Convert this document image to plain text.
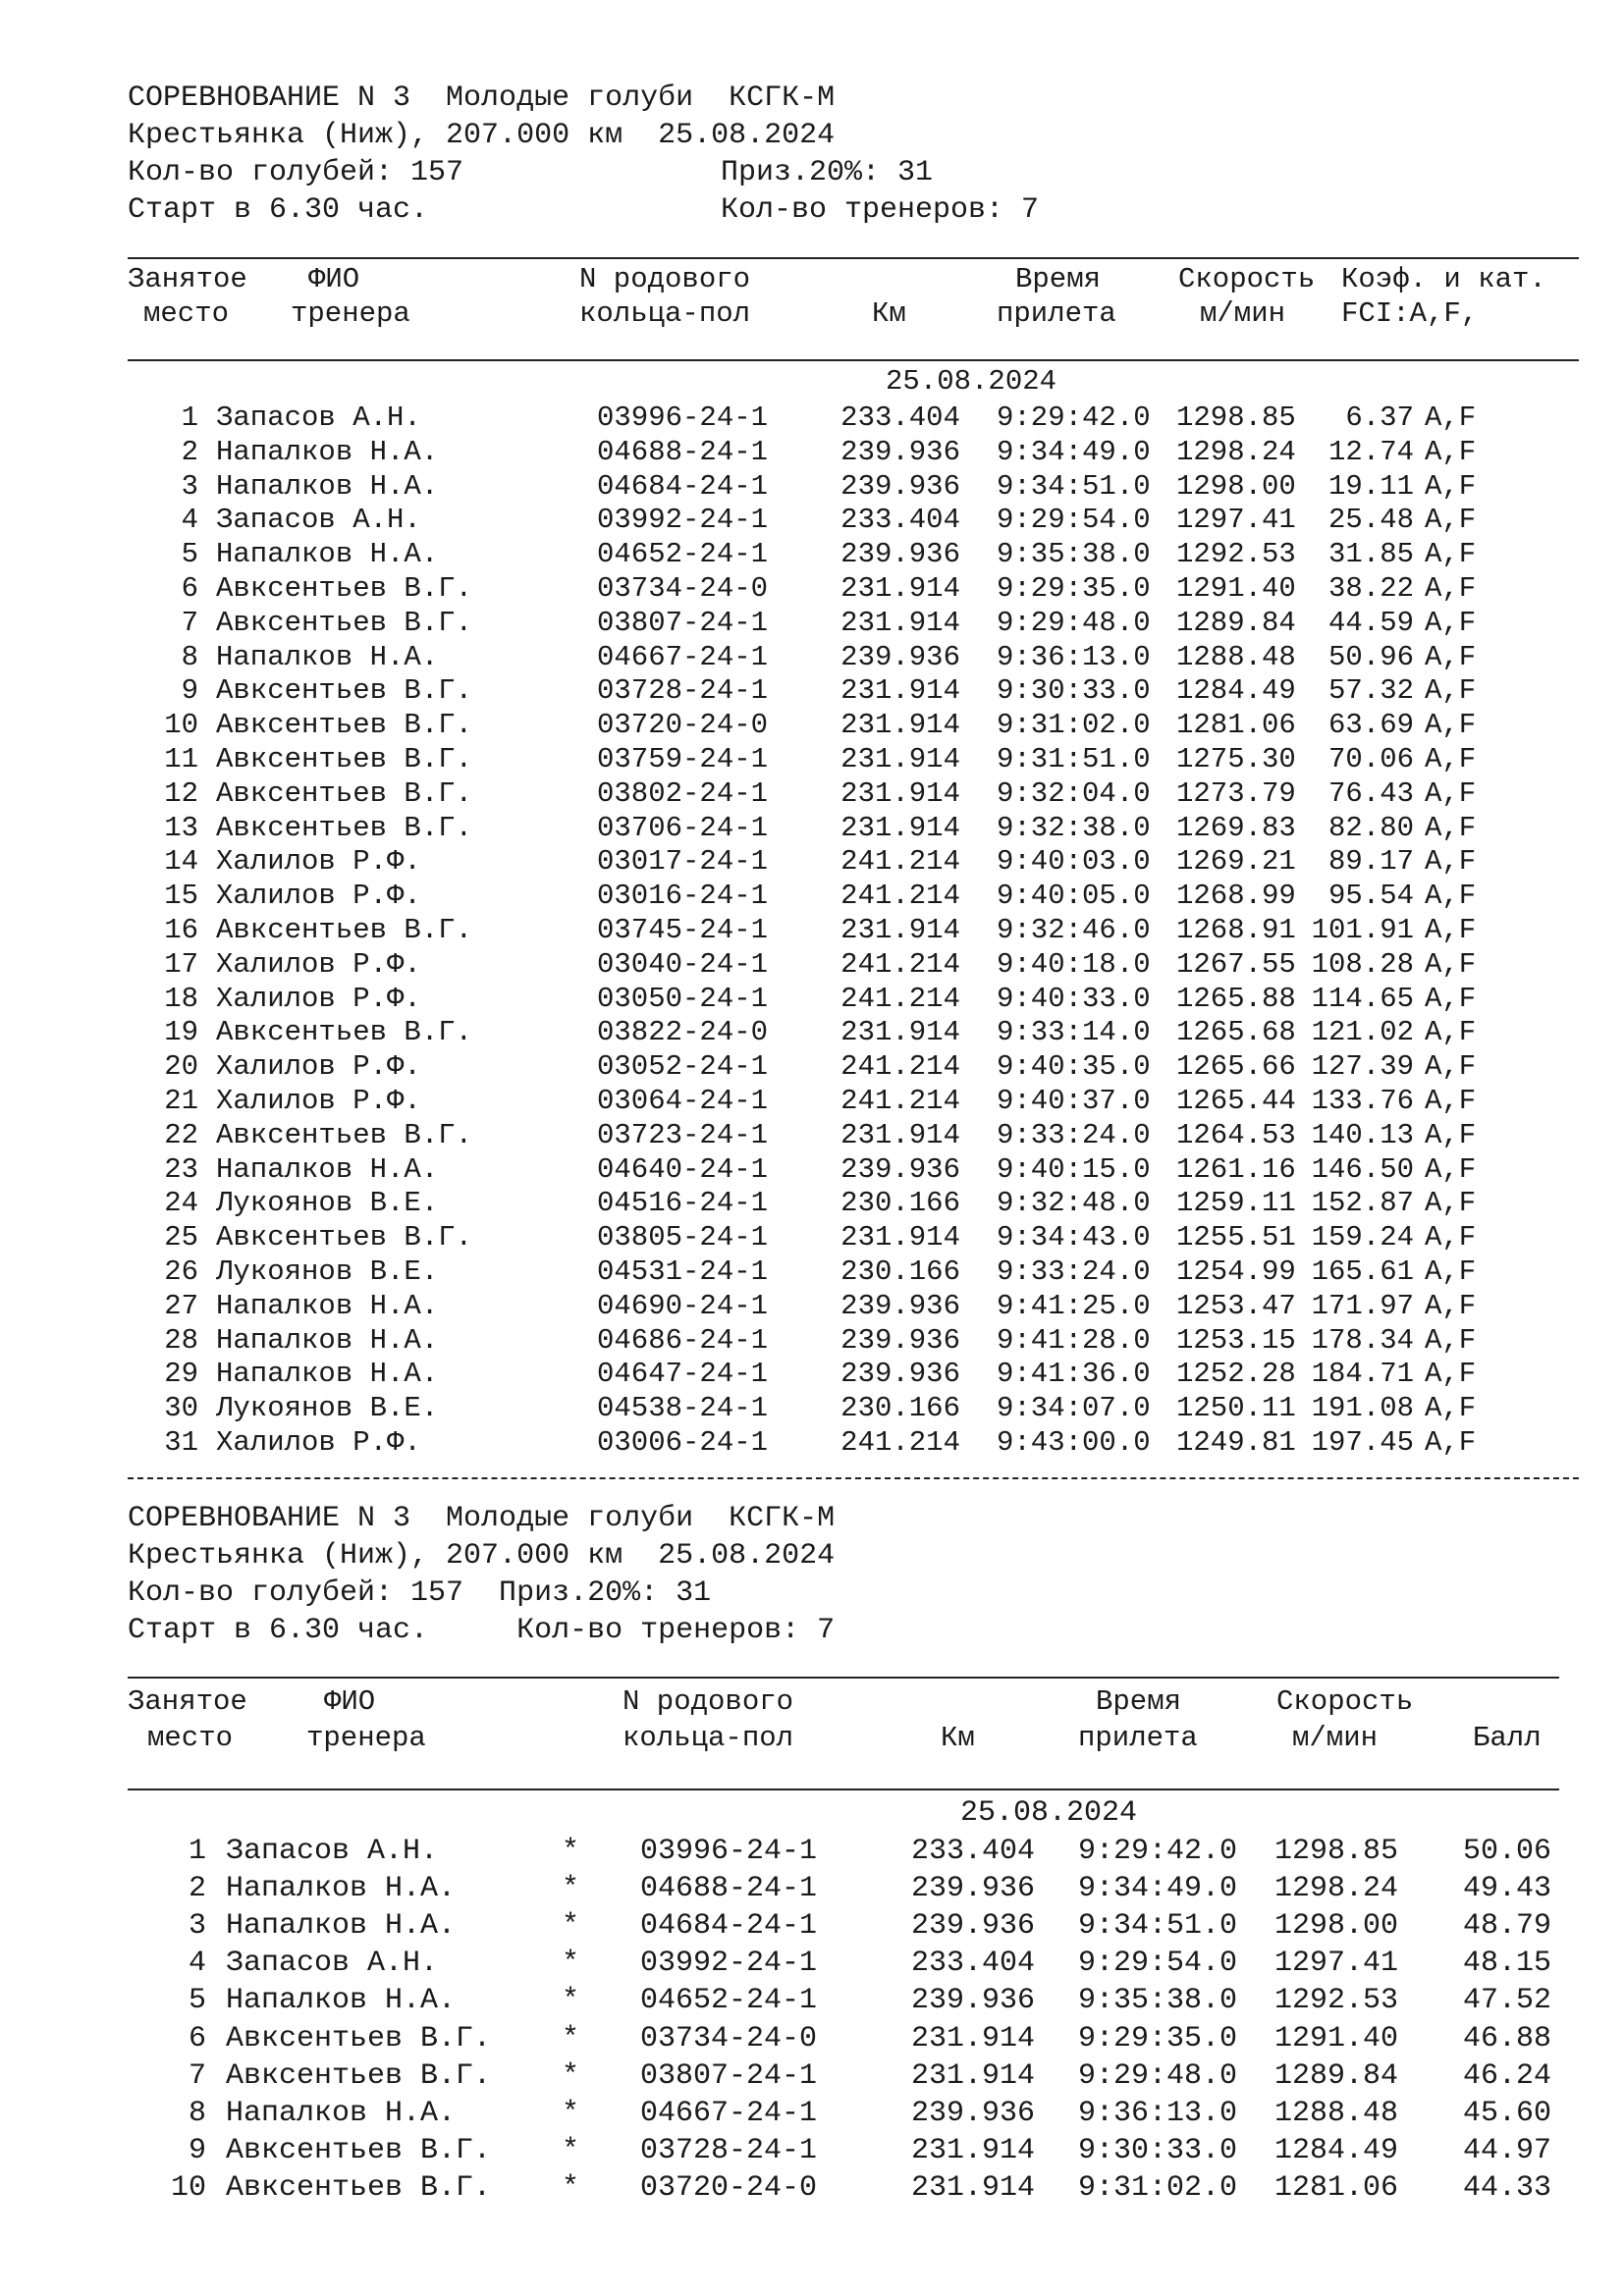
СОРЕВНОВАНИЕ N 3  Молодые голуби  КСГК-М
Крестьянка (Ниж), 207.000 км  25.08.2024
Кол-во голубей: 157	Приз.20%: 31
Старт в 6.30 час.	Кол-во тренеров: 7
Занятое
место
ФИО
тренера
N родового
кольца-пол	Км
Время
прилета
Скорость
м/мин
Коэф. и кат.
FCI:A,F,
25.08.2024
1 Запасов А.Н.	03996-24-1	233.404 9:29:42.0 1298.85 6.37 A,F
2 Напалков Н.А.	04688-24-1	239.936 9:34:49.0 1298.24 12.74 A,F
3 Напалков Н.А.	04684-24-1	239.936 9:34:51.0 1298.00 19.11 A,F
4 Запасов А.Н.	03992-24-1	233.404 9:29:54.0 1297.41 25.48 A,F
5 Напалков Н.А.	04652-24-1	239.936 9:35:38.0 1292.53 31.85 A,F
6 Авксентьев В.Г.	03734-24-0	231.914 9:29:35.0 1291.40 38.22 A,F
7 Авксентьев В.Г.	03807-24-1	231.914 9:29:48.0 1289.84 44.59 A,F
8 Напалков Н.А.	04667-24-1	239.936 9:36:13.0 1288.48 50.96 A,F
9 Авксентьев В.Г.	03728-24-1	231.914 9:30:33.0 1284.49 57.32 A,F
10 Авксентьев В.Г.	03720-24-0	231.914 9:31:02.0 1281.06 63.69 A,F
11 Авксентьев В.Г.	03759-24-1	231.914 9:31:51.0 1275.30 70.06 A,F
12 Авксентьев В.Г.	03802-24-1	231.914 9:32:04.0 1273.79 76.43 A,F
13 Авксентьев В.Г.	03706-24-1	231.914 9:32:38.0 1269.83 82.80 A,F
14 Халилов Р.Ф.	03017-24-1	241.214 9:40:03.0 1269.21 89.17 A,F
15 Халилов Р.Ф.	03016-24-1	241.214 9:40:05.0 1268.99 95.54 A,F
16 Авксентьев В.Г.	03745-24-1	231.914 9:32:46.0 1268.91 101.91 A,F
17 Халилов Р.Ф.	03040-24-1	241.214 9:40:18.0 1267.55 108.28 A,F
18 Халилов Р.Ф.	03050-24-1	241.214 9:40:33.0 1265.88 114.65 A,F
19 Авксентьев В.Г.	03822-24-0	231.914 9:33:14.0 1265.68 121.02 A,F
20 Халилов Р.Ф.	03052-24-1	241.214 9:40:35.0 1265.66 127.39 A,F
21 Халилов Р.Ф.	03064-24-1	241.214 9:40:37.0 1265.44 133.76 A,F
22 Авксентьев В.Г.	03723-24-1	231.914 9:33:24.0 1264.53 140.13 A,F
23 Напалков Н.А.	04640-24-1	239.936 9:40:15.0 1261.16 146.50 A,F
24 Лукоянов В.Е.	04516-24-1	230.166 9:32:48.0 1259.11 152.87 A,F
25 Авксентьев В.Г.	03805-24-1	231.914 9:34:43.0 1255.51 159.24 A,F
26 Лукоянов В.Е.	04531-24-1	230.166 9:33:24.0 1254.99 165.61 A,F
27 Напалков Н.А.	04690-24-1	239.936 9:41:25.0 1253.47 171.97 A,F
28 Напалков Н.А.	04686-24-1	239.936 9:41:28.0 1253.15 178.34 A,F
29 Напалков Н.А.	04647-24-1	239.936 9:41:36.0 1252.28 184.71 A,F
30 Лукоянов В.Е.	04538-24-1	230.166 9:34:07.0 1250.11 191.08 A,F
31 Халилов Р.Ф.	03006-24-1	241.214 9:43:00.0 1249.81 197.45 A,F
СОРЕВНОВАНИЕ N 3  Молодые голуби  КСГК-М
Крестьянка (Ниж), 207.000 км  25.08.2024
Кол-во голубей: 157  Приз.20%: 31
Старт в 6.30 час.     Кол-во тренеров: 7
Занятое
место
ФИО
тренера
N родового
кольца-пол	Км
Время
прилета
Скорость
м/мин	Балл
25.08.2024
1 Запасов А.Н.	* 03996-24-1	233.404 9:29:42.0 1298.85 50.06
2 Напалков Н.А.	* 04688-24-1	239.936 9:34:49.0 1298.24 49.43
3 Напалков Н.А.	* 04684-24-1	239.936 9:34:51.0 1298.00 48.79
4 Запасов А.Н.	* 03992-24-1	233.404 9:29:54.0 1297.41 48.15
5 Напалков Н.А.	* 04652-24-1	239.936 9:35:38.0 1292.53 47.52
6 Авксентьев В.Г. * 03734-24-0	231.914 9:29:35.0 1291.40 46.88
7 Авксентьев В.Г. * 03807-24-1	231.914 9:29:48.0 1289.84 46.24
8 Напалков Н.А.	* 04667-24-1	239.936 9:36:13.0 1288.48 45.60
9 Авксентьев В.Г. * 03728-24-1	231.914 9:30:33.0 1284.49 44.97
10 Авксентьев В.Г. * 03720-24-0	231.914 9:31:02.0 1281.06 44.33
